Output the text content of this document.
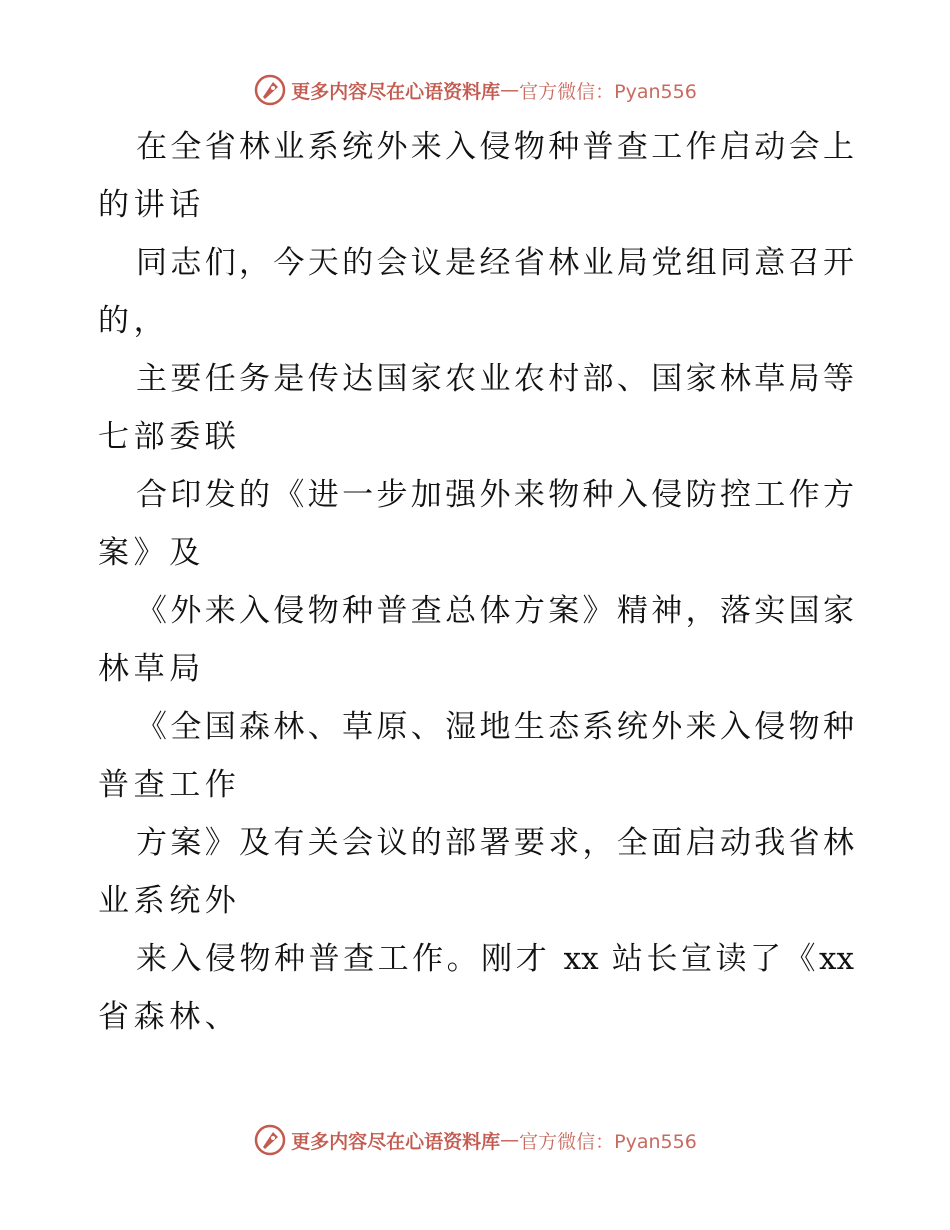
更多内容尽在心语资料库 — 官方微信：Pyan556
在全省林业系统外来入侵物种普查工作启动会上
的讲话
同志们，今天的会议是经省林业局党组同意召开
的，
主要任务是传达国家农业农村部、国家林草局等
七部委联
合印发的《进一步加强外来物种入侵防控工作方
案》及
《外来入侵物种普查总体方案》精神，落实国家
林草局
《全国森林、草原、湿地生态系统外来入侵物种
普查工作
方案》及有关会议的部署要求，全面启动我省林
业系统外
来入侵物种普查工作。刚才 xx 站长宣读了《xx
省森林、
更多内容尽在心语资料库 — 官方微信：Pyan556
